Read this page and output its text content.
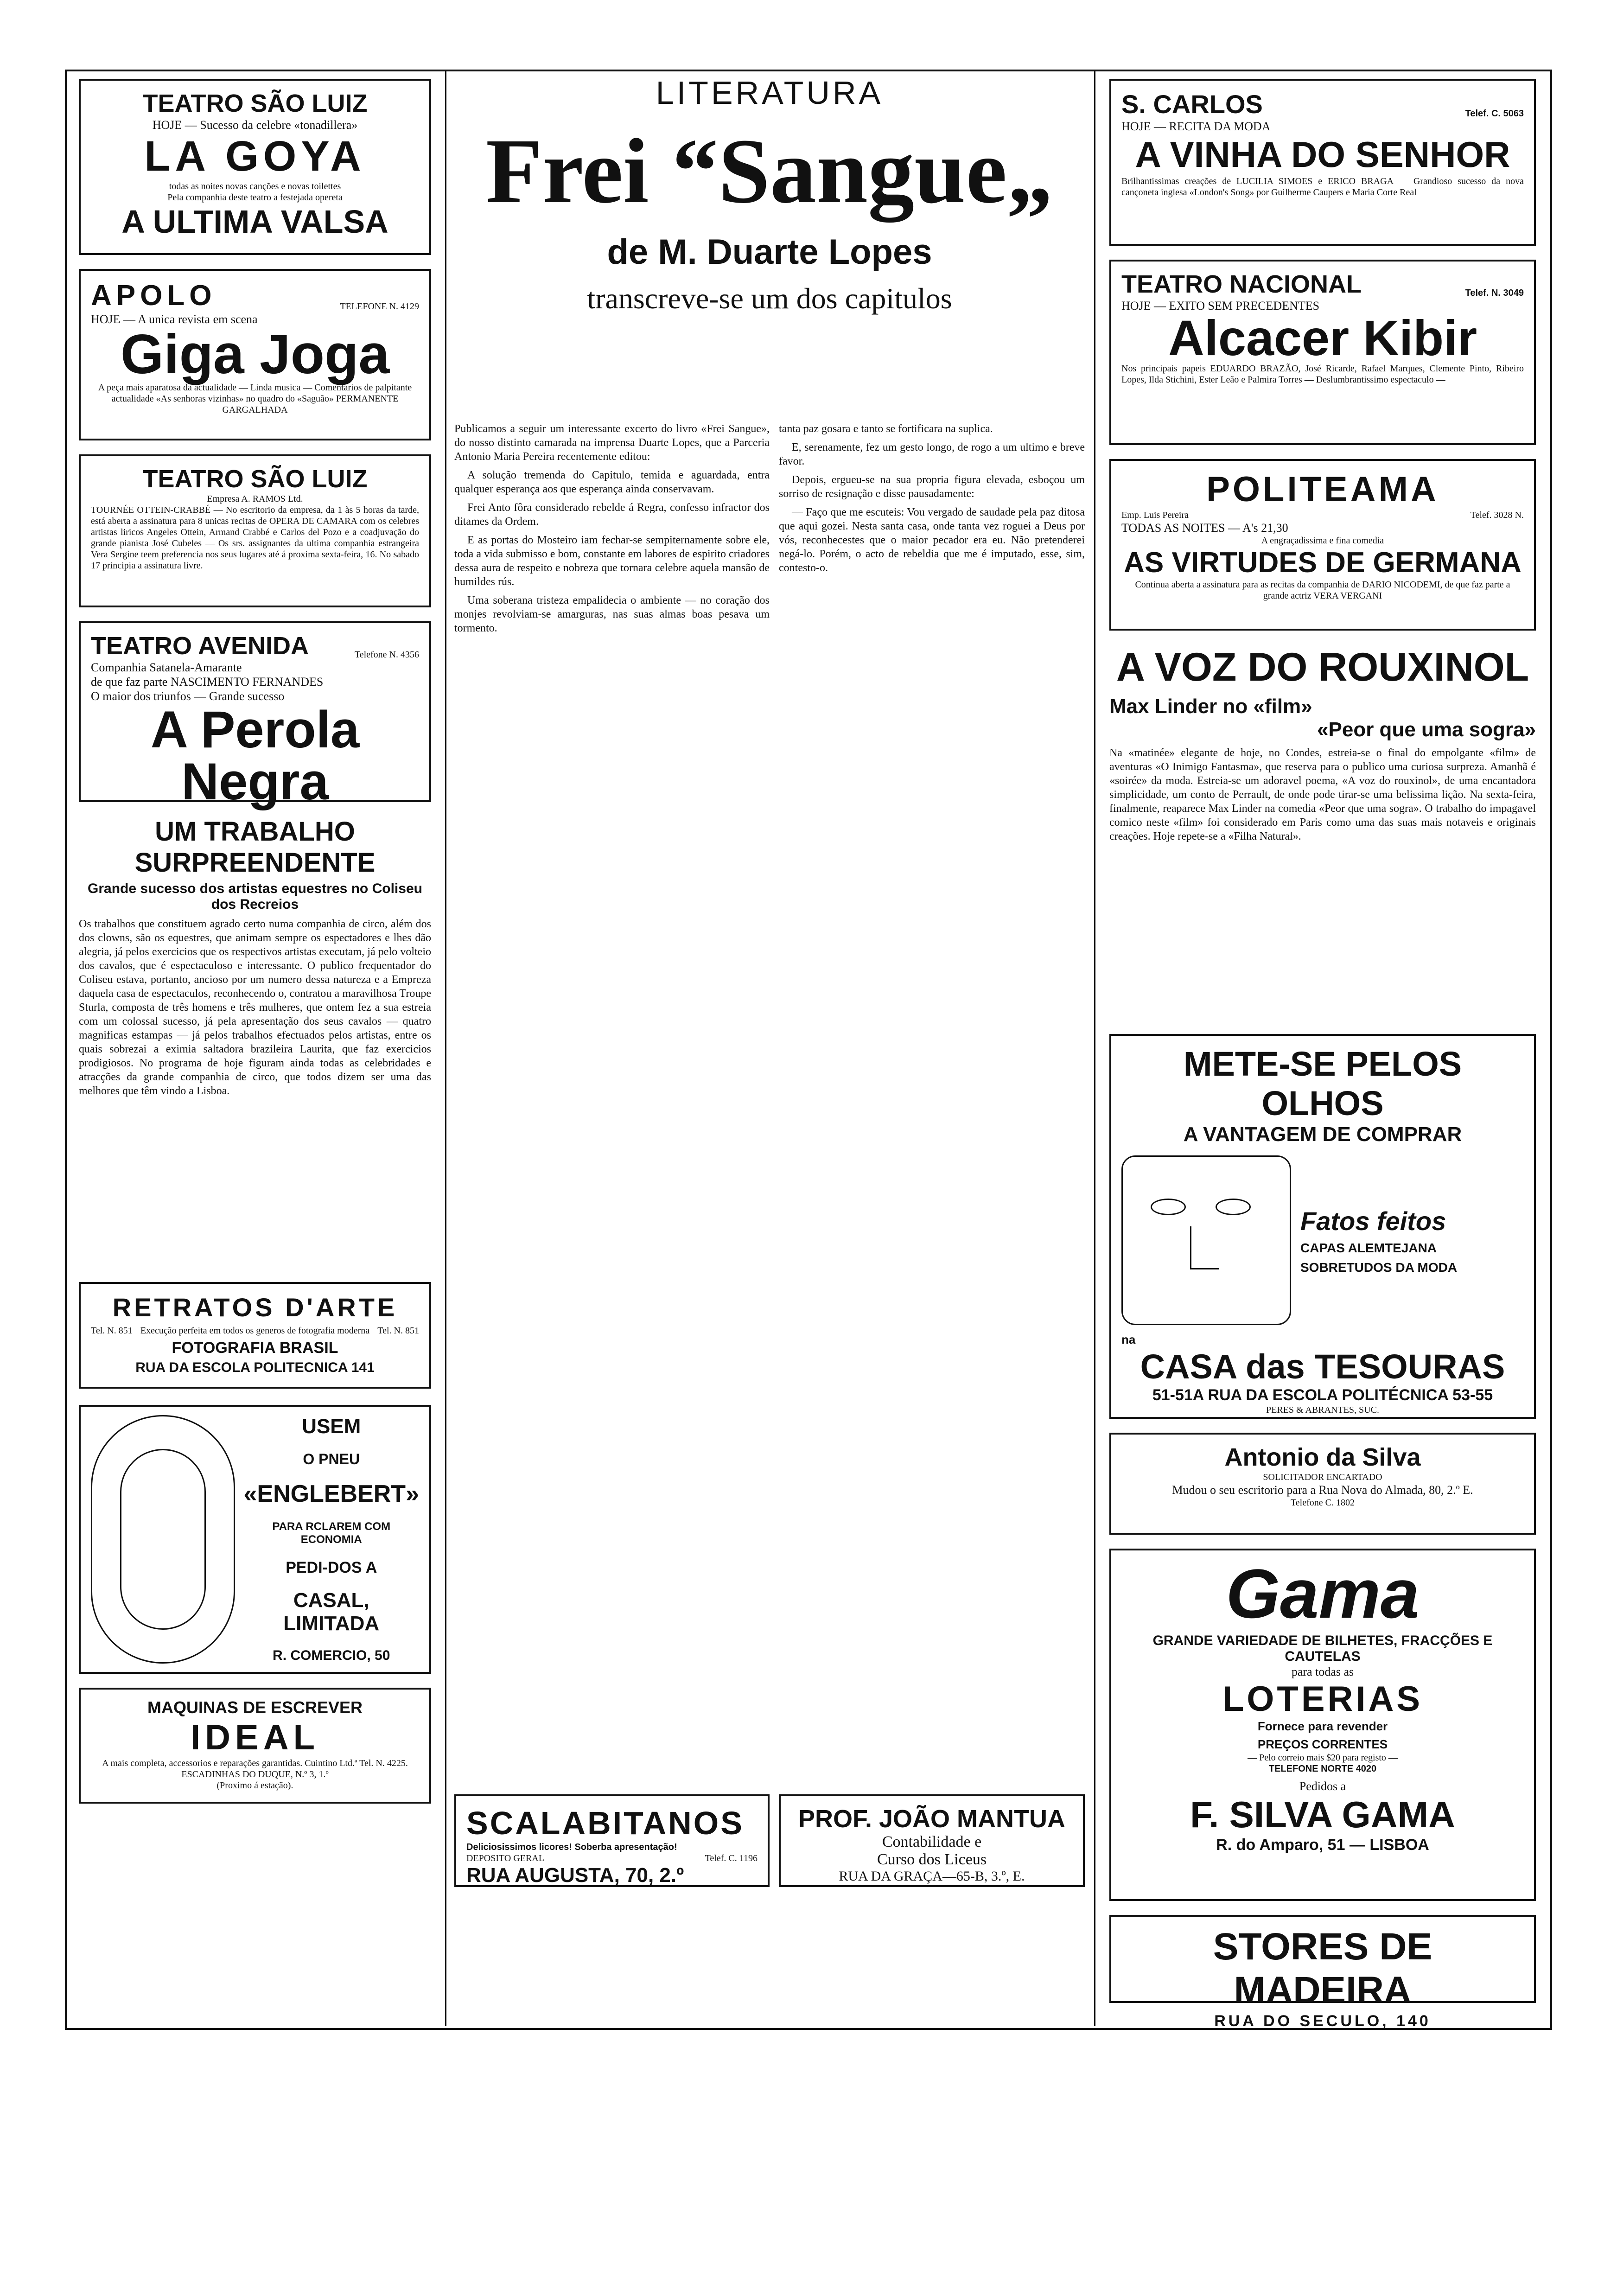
TEATRO SÃO LUIZ
HOJE — Sucesso da celebre «tonadillera»
LA GOYA
todas as noites novas canções e novas toilettes
Pela companhia deste teatro a festejada opereta
A ULTIMA VALSA
APOLO	TELEFONE N. 4129
HOJE — A unica revista em scena
Giga Joga
A peça mais aparatosa da actualidade — Linda musica — Comentarios de palpitante actualidade «As senhoras vizinhas» no quadro do «Saguão» PERMANENTE GARGALHADA
TEATRO SÃO LUIZ
Empresa A. RAMOS Ltd.
TOURNÉE OTTEIN-CRABBÉ — No escritorio da empresa, da 1 às 5 horas da tarde, está aberta a assinatura para 8 unicas recitas de OPERA DE CAMARA com os celebres artistas liricos Angeles Ottein, Armand Crabbé e Carlos del Pozo e a coadjuvação do grande pianista José Cubeles — Os srs. assignantes da ultima companhia estrangeira Vera Sergine teem preferencia nos seus lugares até á proxima sexta-feira, 16. No sabado 17 principia a assinatura livre.
TEATRO AVENIDA	Telefone N. 4356
Companhia Satanela-Amarante
de que faz parte NASCIMENTO FERNANDES
O maior dos triunfos — Grande sucesso
A Perola Negra
UM TRABALHO SURPREENDENTE
Grande sucesso dos artistas equestres no Coliseu dos Recreios
Os trabalhos que constituem agrado certo numa companhia de circo, além dos dos clowns, são os equestres, que animam sempre os espectadores e lhes dão alegria, já pelos exercicios que os respectivos artistas executam, já pelo volteio dos cavalos, que é espectaculoso e interessante. O publico frequentador do Coliseu estava, portanto, ancioso por um numero dessa natureza e a Empreza daquela casa de espectaculos, reconhecendo o, contratou a maravilhosa Troupe Sturla, composta de três homens e três mulheres, que ontem fez a sua estreia com um colossal sucesso, já pela apresentação dos seus cavalos — quatro magnificas estampas — já pelos trabalhos efectuados pelos artistas, entre os quais sobrezai a eximia saltadora brazileira Laurita, que faz exercicios prodigiosos. No programa de hoje figuram ainda todas as celebridades e atracções da grande companhia de circo, que todos dizem ser uma das melhores que têm vindo a Lisboa.
RETRATOS D'ARTE
Tel. N. 851 Execução perfeita em todos os generos de fotografia moderna Tel. N. 851
FOTOGRAFIA BRASIL
RUA DA ESCOLA POLITECNICA 141
USEM
O PNEU
«ENGLEBERT»
PARA RCLAREM COM ECONOMIA
PEDI-DOS A
CASAL, LIMITADA
R. COMERCIO, 50
MAQUINAS DE ESCREVER
IDEAL
A mais completa, accessorios e reparações garantidas. Cuintino Ltd.ª Tel. N. 4225. ESCADINHAS DO DUQUE, N.º 3, 1.º
(Proximo á estação).
LITERATURA
Frei “Sangue„
de M. Duarte Lopes
transcreve-se um dos capitulos

Publicamos a seguir um interessante excerto do livro «Frei Sangue», do nosso distinto camarada na imprensa Duarte Lopes, que a Parceria Antonio Maria Pereira recentemente editou:

A solução tremenda do Capitulo, temida e aguardada, entra qualquer esperança aos que esperança ainda conservavam.

Frei Anto fôra considerado rebelde á Regra, confesso infractor dos ditames da Ordem.

E as portas do Mosteiro iam fechar-se sempiternamente sobre ele, toda a vida submisso e bom, constante em labores de espirito criadores dessa aura de respeito e nobreza que tornara celebre aquela mansão de humildes rús.

Uma soberana tristeza empalidecia o ambiente — no coração dos monjes revolviam-se amarguras, nas suas almas boas pesava um tormento.

tanta paz gosara e tanto se fortificara na suplica.

E, serenamente, fez um gesto longo, de rogo a um ultimo e breve favor.

Depois, ergueu-se na sua propria figura elevada, esboçou um sorriso de resignação e disse pausadamente:

— Faço que me escuteis: Vou vergado de saudade pela paz ditosa que aqui gozei. Nesta santa casa, onde tanta vez roguei a Deus por vós, reconhecestes que o maior pecador era eu. Não pretenderei negá-lo. Porém, o acto de rebeldia que me é imputado, esse, sim, contesto-o.

SCALABITANOS
Deliciosissimos licores! Soberba apresentação!
DEPOSITO GERAL	Telef. C. 1196
RUA AUGUSTA, 70, 2.º
PROF. JOÃO MANTUA
Contabilidade e
Curso dos Liceus
RUA DA GRAÇA—65-B, 3.º, E.
S. CARLOS	Telef. C. 5063
HOJE — RECITA DA MODA
A VINHA DO SENHOR
Brilhantissimas creações de LUCILIA SIMOES e ERICO BRAGA — Grandioso sucesso da nova cançoneta inglesa «London's Song» por Guilherme Caupers e Maria Corte Real
TEATRO NACIONAL	Telef. N. 3049
HOJE — EXITO SEM PRECEDENTES
Alcacer Kibir
Nos principais papeis EDUARDO BRAZÃO, José Ricarde, Rafael Marques, Clemente Pinto, Ribeiro Lopes, Ilda Stichini, Ester Leão e Palmira Torres — Deslumbrantissimo espectaculo —
POLITEAMA
Emp. Luis Pereira	Telef. 3028 N.
TODAS AS NOITES — A's 21,30
A engraçadissima e fina comedia
AS VIRTUDES DE GERMANA
Continua aberta a assinatura para as recitas da companhia de DARIO NICODEMI, de que faz parte a grande actriz VERA VERGANI
A VOZ DO ROUXINOL
Max Linder no «film»
«Peor que uma sogra»
Na «matinée» elegante de hoje, no Condes, estreia-se o final do empolgante «film» de aventuras «O Inimigo Fantasma», que reserva para o publico uma curiosa surpreza. Amanhã é «soirée» da moda. Estreia-se um adoravel poema, «A voz do rouxinol», de uma encantadora simplicidade, um conto de Perrault, de onde pode tirar-se uma belissima lição. Na sexta-feira, finalmente, reaparece Max Linder na comedia «Peor que uma sogra». O trabalho do impagavel comico neste «film» foi considerado em Paris como uma das suas mais notaveis e originais creações. Hoje repete-se a «Filha Natural».
METE-SE PELOS OLHOS
A VANTAGEM DE COMPRAR
Fatos feitos
CAPAS ALEMTEJANA
SOBRETUDOS DA MODA
na
CASA das TESOURAS
51-51A RUA DA ESCOLA POLITÉCNICA 53-55
PERES & ABRANTES, SUC.
Antonio da Silva
SOLICITADOR ENCARTADO
Mudou o seu escritorio para a Rua Nova do Almada, 80, 2.º E.
Telefone C. 1802
Gama
GRANDE VARIEDADE DE BILHETES, FRACÇÕES E CAUTELAS
para todas as
LOTERIAS
Fornece para revender
PREÇOS CORRENTES
— Pelo correio mais $20 para registo —
TELEFONE NORTE 4020
Pedidos a
F. SILVA GAMA
R. do Amparo, 51 — LISBOA
STORES DE MADEIRA
RUA DO SECULO, 140
